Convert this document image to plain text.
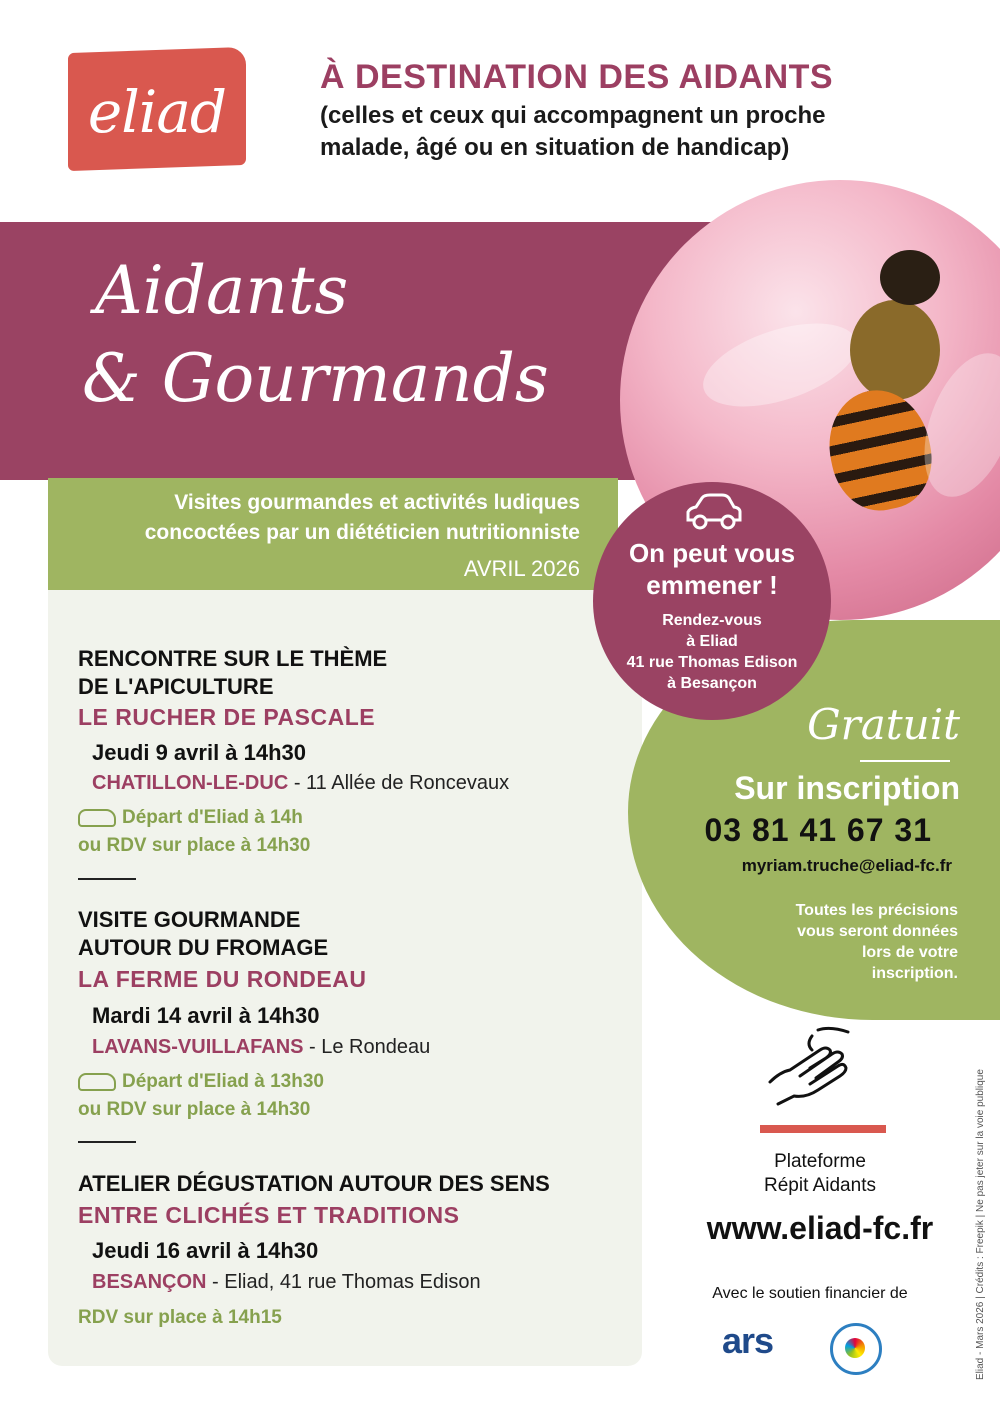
eliad
À DESTINATION DES AIDANTS
(celles et ceux qui accompagnent un proche
malade, âgé ou en situation de handicap)
Aidants
& Gourmands
Visites gourmandes et activités ludiques
concoctées par un diététicien nutritionniste
AVRIL 2026
RENCONTRE SUR LE THÈME
DE L'APICULTURE
LE RUCHER DE PASCALE
Jeudi 9 avril à 14h30
CHATILLON-LE-DUC - 11 Allée de Roncevaux
Départ d'Eliad à 14h
ou RDV sur place à 14h30
VISITE GOURMANDE
AUTOUR DU FROMAGE
LA FERME DU RONDEAU
Mardi 14 avril à 14h30
LAVANS-VUILLAFANS - Le Rondeau
Départ d'Eliad à 13h30
ou RDV sur place à 14h30
ATELIER DÉGUSTATION AUTOUR DES SENS
ENTRE CLICHÉS ET TRADITIONS
Jeudi 16 avril à 14h30
BESANÇON - Eliad, 41 rue Thomas Edison
RDV sur place à 14h15
Gratuit
Sur inscription
03 81 41 67 31
myriam.truche@eliad-fc.fr
Toutes les précisions
vous seront données
lors de votre
inscription.
On peut vous
emmener !
Rendez-vous
à Eliad
41 rue Thomas Edison
à Besançon
Plateforme
Répit Aidants
www.eliad-fc.fr
Avec le soutien financier de
ars	Eliad - Mars 2026 | Crédits : Freepik | Ne pas jeter sur la voie publique
